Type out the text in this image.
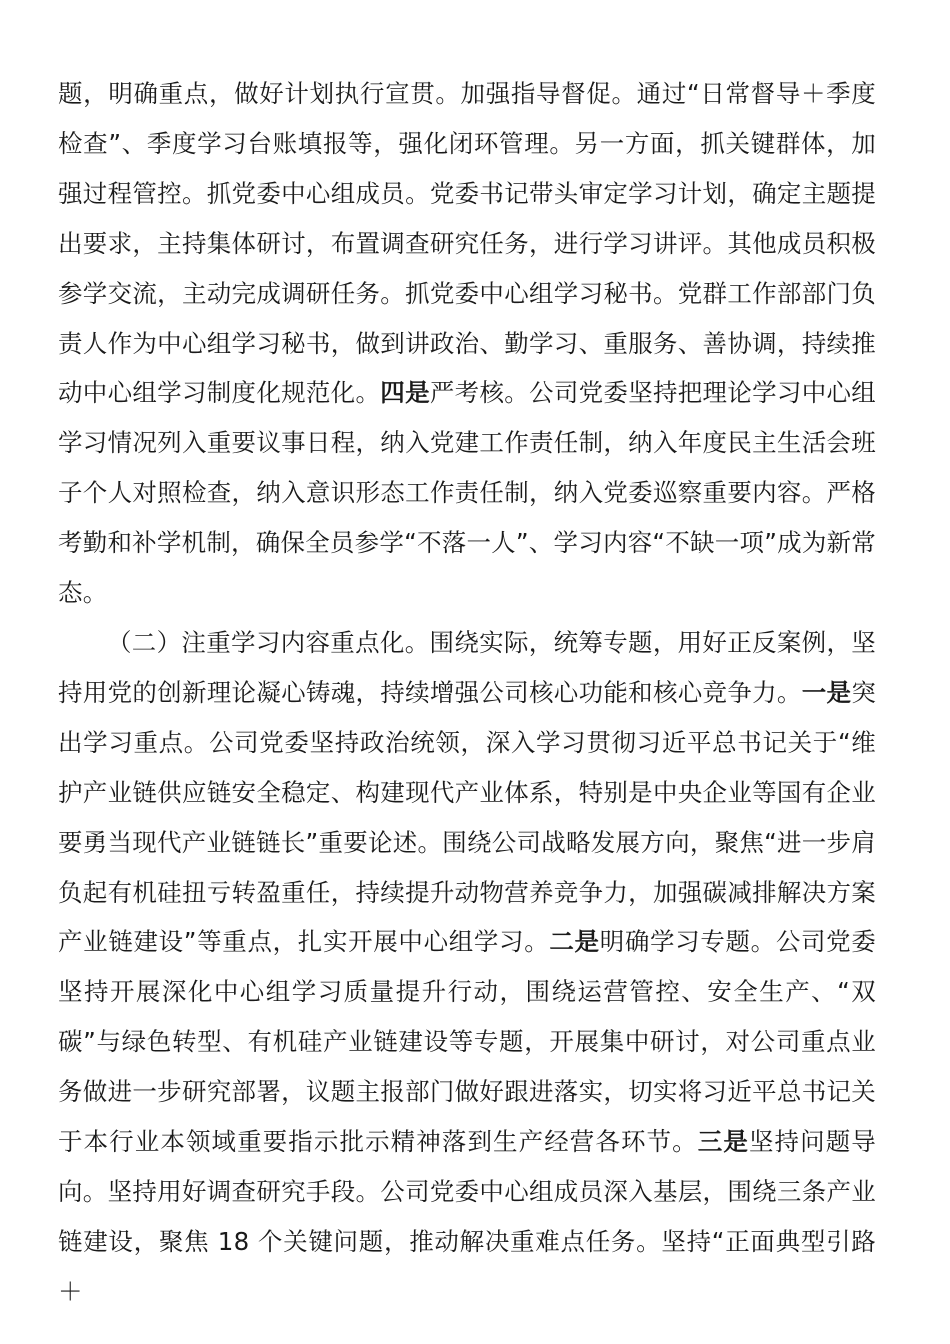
题，明确重点，做好计划执行宣贯。加强指导督促。通过“日常督导＋季度检查”、季度学习台账填报等，强化闭环管理。另一方面，抓关键群体，加强过程管控。抓党委中心组成员。党委书记带头审定学习计划，确定主题提出要求，主持集体研讨，布置调查研究任务，进行学习讲评。其他成员积极参学交流，主动完成调研任务。抓党委中心组学习秘书。党群工作部部门负责人作为中心组学习秘书，做到讲政治、勤学习、重服务、善协调，持续推动中心组学习制度化规范化。四是严考核。公司党委坚持把理论学习中心组学习情况列入重要议事日程，纳入党建工作责任制，纳入年度民主生活会班子个人对照检查，纳入意识形态工作责任制，纳入党委巡察重要内容。严格考勤和补学机制，确保全员参学“不落一人”、学习内容“不缺一项”成为新常态。

（二）注重学习内容重点化。围绕实际，统筹专题，用好正反案例，坚持用党的创新理论凝心铸魂，持续增强公司核心功能和核心竞争力。一是突出学习重点。公司党委坚持政治统领，深入学习贯彻习近平总书记关于“维护产业链供应链安全稳定、构建现代产业体系，特别是中央企业等国有企业要勇当现代产业链链长”重要论述。围绕公司战略发展方向，聚焦“进一步肩负起有机硅扭亏转盈重任，持续提升动物营养竞争力，加强碳减排解决方案产业链建设”等重点，扎实开展中心组学习。二是明确学习专题。公司党委坚持开展深化中心组学习质量提升行动，围绕运营管控、安全生产、“双碳”与绿色转型、有机硅产业链建设等专题，开展集中研讨，对公司重点业务做进一步研究部署，议题主报部门做好跟进落实，切实将习近平总书记关于本行业本领域重要指示批示精神落到生产经营各环节。三是坚持问题导向。坚持用好调查研究手段。公司党委中心组成员深入基层，围绕三条产业链建设，聚焦 18 个关键问题，推动解决重难点任务。坚持“正面典型引路＋
